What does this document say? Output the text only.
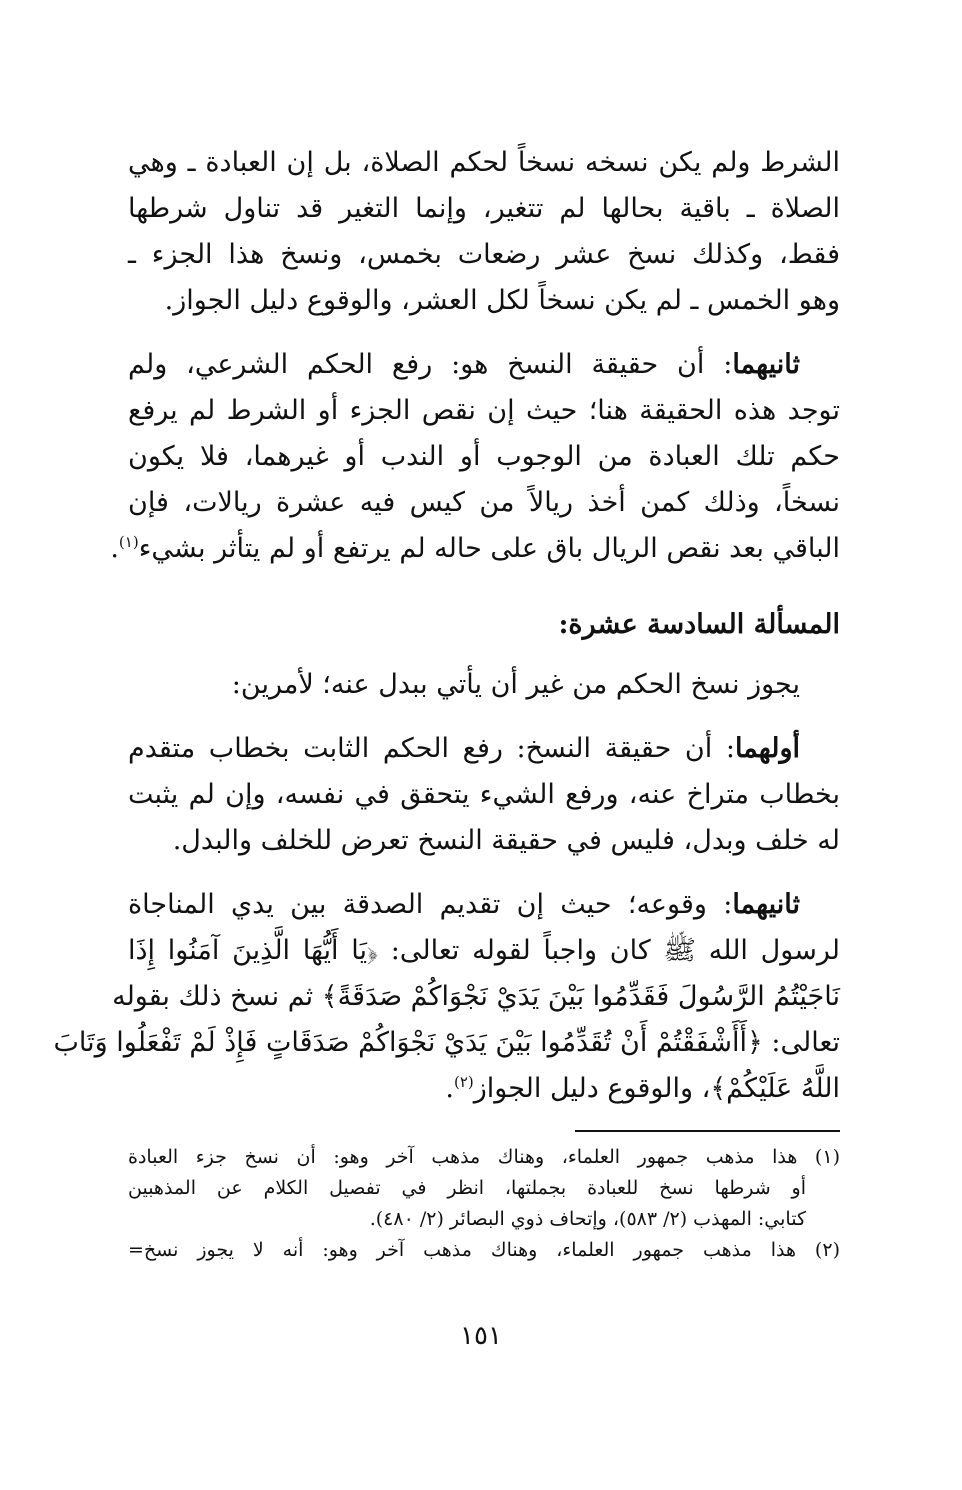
الشرط ولم يكن نسخه نسخاً لحكم الصلاة، بل إن العبادة ـ وهي
الصلاة ـ باقية بحالها لم تتغير، وإنما التغير قد تناول شرطها
فقط، وكذلك نسخ عشر رضعات بخمس، ونسخ هذا الجزء ـ
وهو الخمس ـ لم يكن نسخاً لكل العشر، والوقوع دليل الجواز.
ثانيهما: أن حقيقة النسخ هو: رفع الحكم الشرعي، ولم
توجد هذه الحقيقة هنا؛ حيث إن نقص الجزء أو الشرط لم يرفع
حكم تلك العبادة من الوجوب أو الندب أو غيرهما، فلا يكون
نسخاً، وذلك كمن أخذ ريالاً من كيس فيه عشرة ريالات، فإن
الباقي بعد نقص الريال باق على حاله لم يرتفع أو لم يتأثر بشيء$^{(١)}$.
المسألة السادسة عشرة:
يجوز نسخ الحكم من غير أن يأتي ببدل عنه؛ لأمرين:
أولهما: أن حقيقة النسخ: رفع الحكم الثابت بخطاب متقدم
بخطاب متراخ عنه، ورفع الشيء يتحقق في نفسه، وإن لم يثبت
له خلف وبدل، فليس في حقيقة النسخ تعرض للخلف والبدل.
ثانيهما: وقوعه؛ حيث إن تقديم الصدقة بين يدي المناجاة
لرسول الله ﷺ كان واجباً لقوله تعالى: ﴿يَا أَيُّهَا الَّذِينَ آمَنُوا إِذَا
نَاجَيْتُمُ الرَّسُولَ فَقَدِّمُوا بَيْنَ يَدَيْ نَجْوَاكُمْ صَدَقَةً﴾ ثم نسخ ذلك بقوله
تعالى: ﴿أَأَشْفَقْتُمْ أَنْ تُقَدِّمُوا بَيْنَ يَدَيْ نَجْوَاكُمْ صَدَقَاتٍ فَإِذْ لَمْ تَفْعَلُوا وَتَابَ
اللَّهُ عَلَيْكُمْ﴾، والوقوع دليل الجواز$^{(٢)}$.
(١) هذا مذهب جمهور العلماء، وهناك مذهب آخر وهو: أن نسخ جزء العبادة
أو شرطها نسخ للعبادة بجملتها، انظر في تفصيل الكلام عن المذهبين
كتابي: المهذب (٢/ ٥٨٣)، وإتحاف ذوي البصائر (٢/ ٤٨٠).
(٢) هذا مذهب جمهور العلماء، وهناك مذهب آخر وهو: أنه لا يجوز نسخ=
١٥١
